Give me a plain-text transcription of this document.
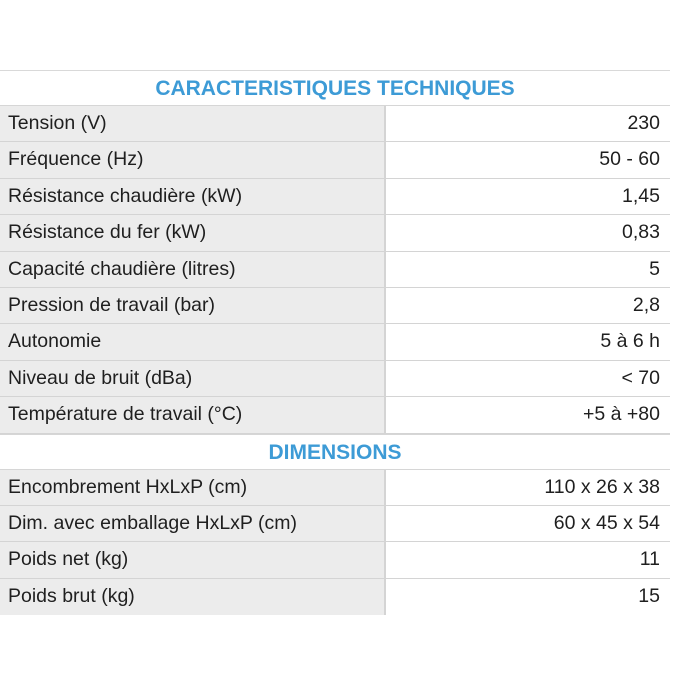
CARACTERISTIQUES TECHNIQUES
Tension (V)	230
Fréquence (Hz)	50 - 60
Résistance chaudière (kW)	1,45
Résistance du fer (kW)	0,83
Capacité chaudière (litres)	5
Pression de travail (bar)	2,8
Autonomie	5 à 6 h
Niveau de bruit (dBa)	< 70
Température de travail (°C)	+5 à +80
DIMENSIONS
Encombrement HxLxP (cm)	110 x 26 x 38
Dim. avec emballage HxLxP (cm)	60 x 45 x 54
Poids net (kg)	11
Poids brut (kg)	15
